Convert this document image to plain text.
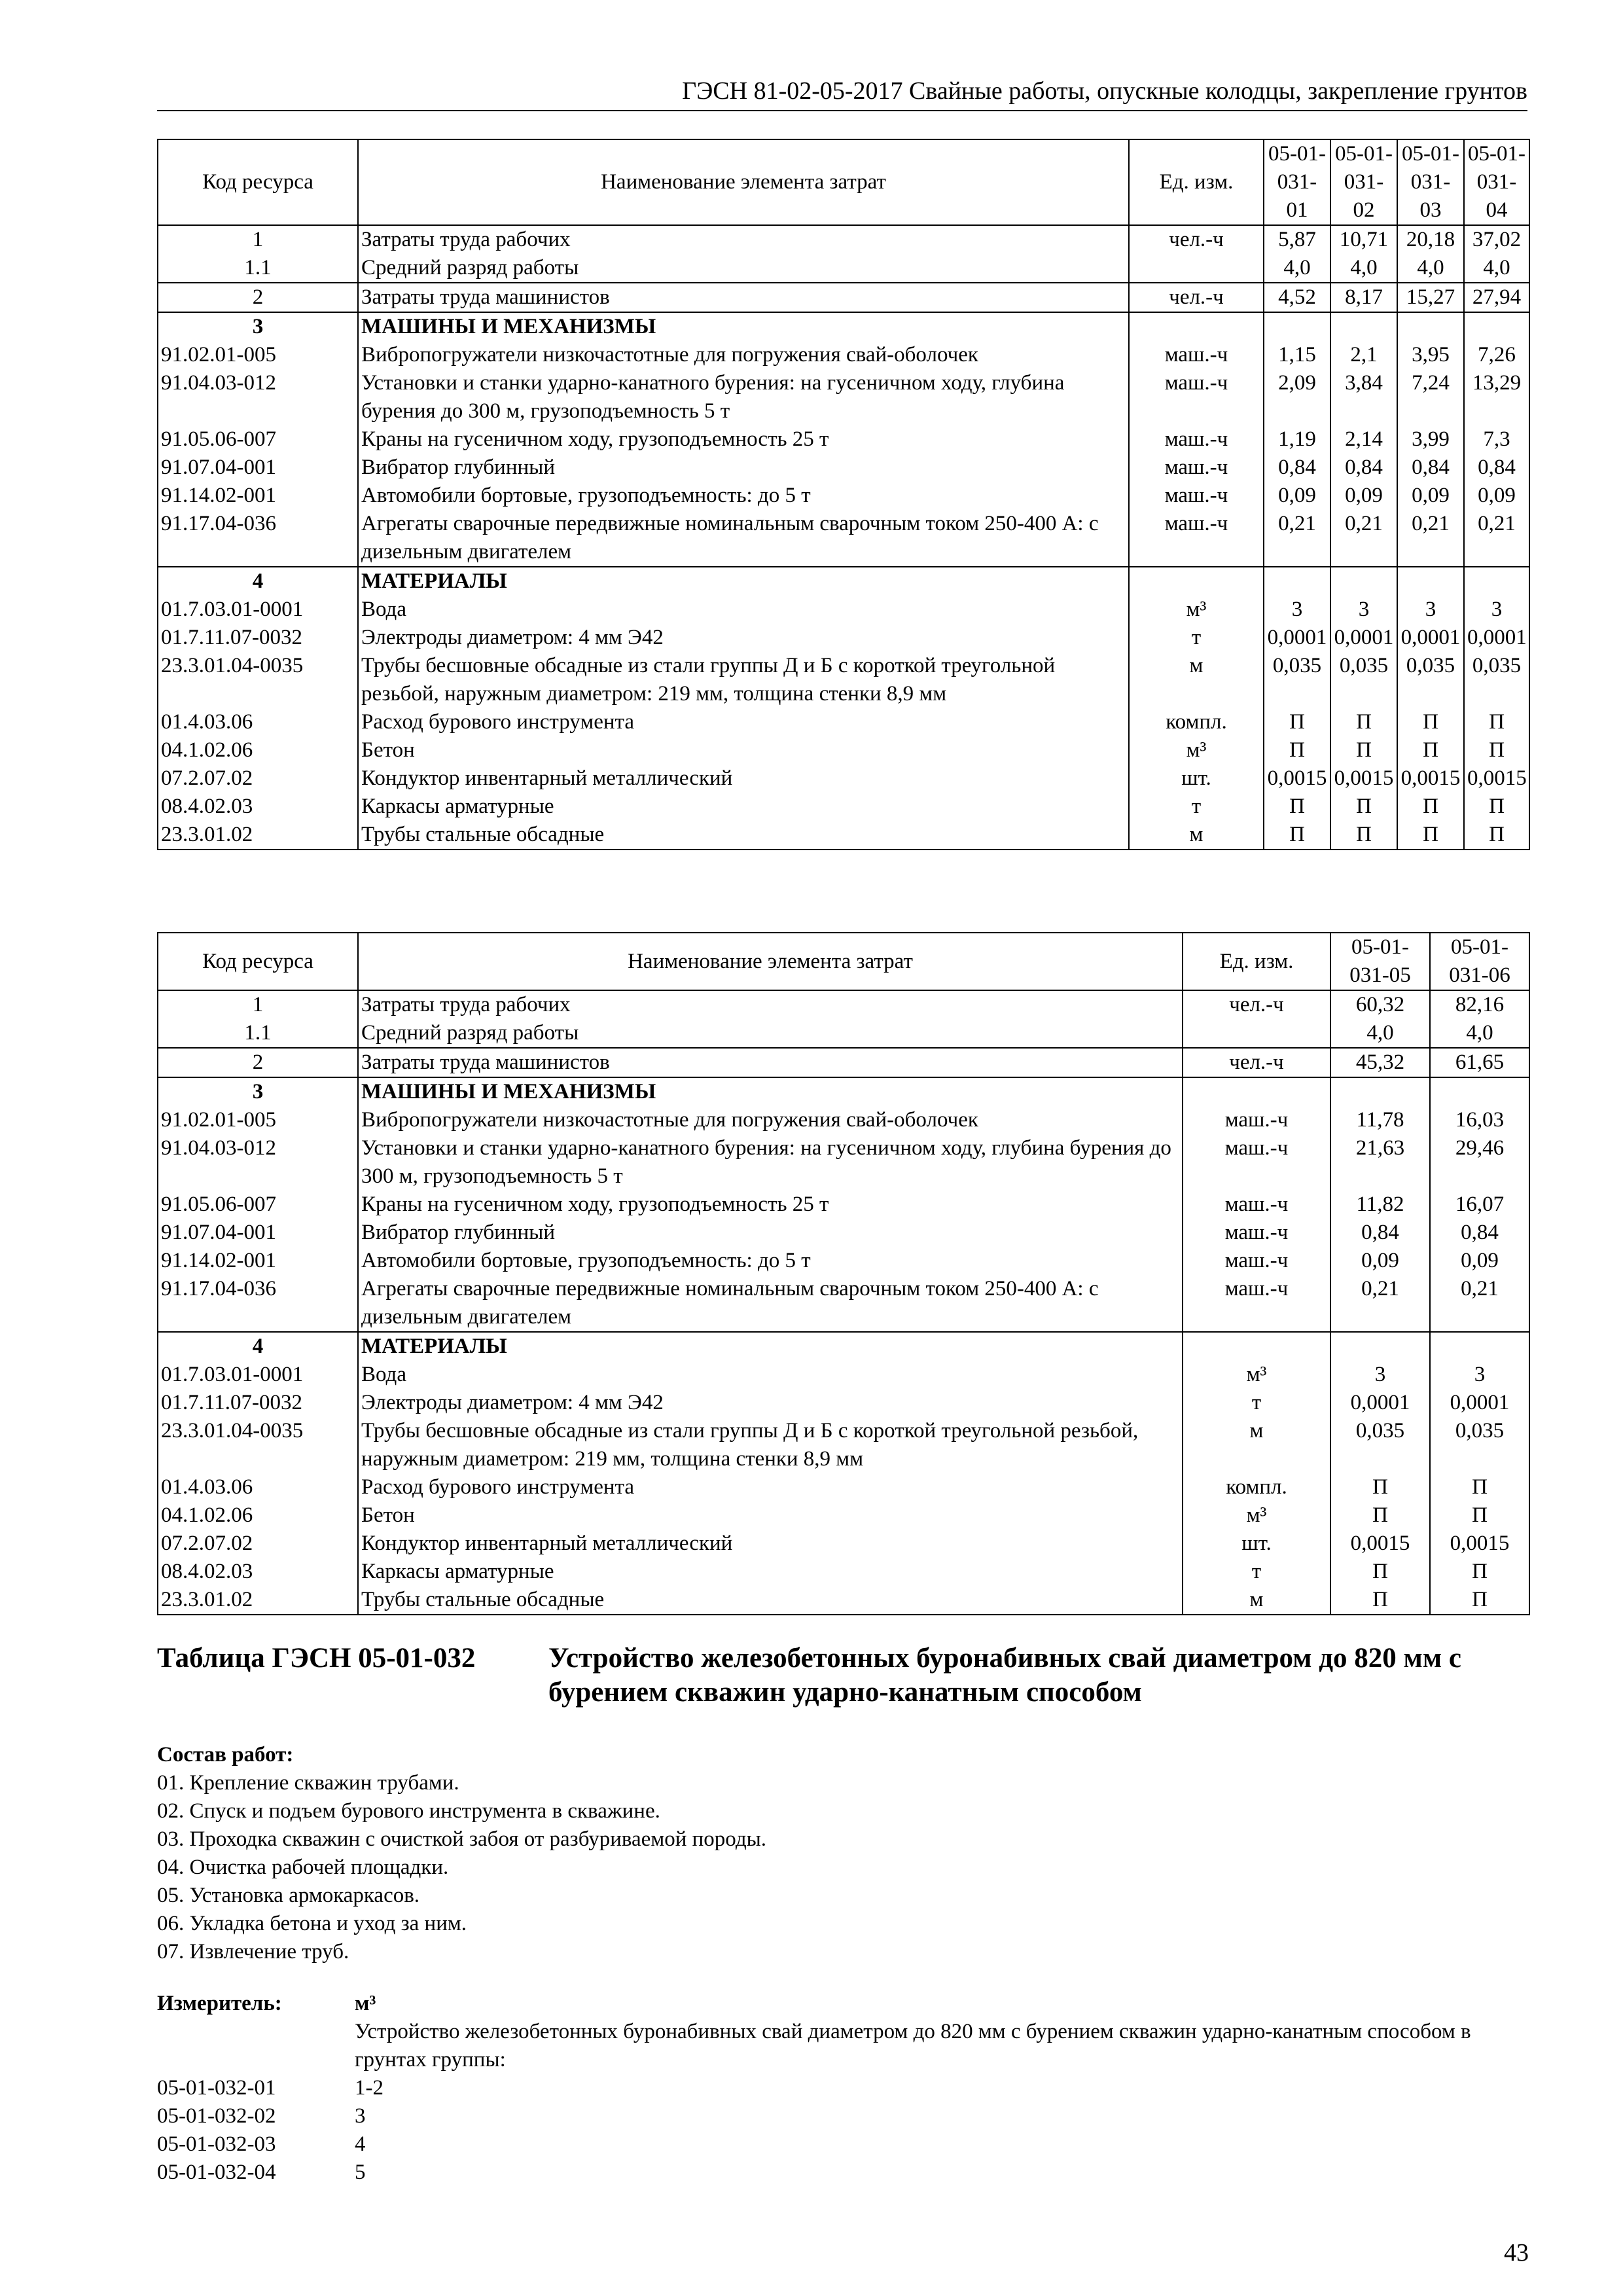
ГЭСН 81-02-05-2017 Свайные работы, опускные колодцы, закрепление грунтов
Код ресурса	Наименование элемента затрат	Ед. изм.	05-01-031-01	05-01-031-02	05-01-031-03	05-01-031-04
1	Затраты труда рабочих	чел.-ч	5,87	10,71	20,18	37,02
1.1	Средний разряд работы		4,0	4,0	4,0	4,0
2	Затраты труда машинистов	чел.-ч	4,52	8,17	15,27	27,94
3	МАШИНЫ И МЕХАНИЗМЫ					
91.02.01-005	Вибропогружатели низкочастотные для погружения свай-оболочек	маш.-ч	1,15	2,1	3,95	7,26
91.04.03-012	Установки и станки ударно-канатного бурения: на гусеничном ходу, глубина бурения до 300 м, грузоподъемность 5 т	маш.-ч	2,09	3,84	7,24	13,29
91.05.06-007	Краны на гусеничном ходу, грузоподъемность 25 т	маш.-ч	1,19	2,14	3,99	7,3
91.07.04-001	Вибратор глубинный	маш.-ч	0,84	0,84	0,84	0,84
91.14.02-001	Автомобили бортовые, грузоподъемность: до 5 т	маш.-ч	0,09	0,09	0,09	0,09
91.17.04-036	Агрегаты сварочные передвижные номинальным сварочным током 250-400 А: с дизельным двигателем	маш.-ч	0,21	0,21	0,21	0,21
4	МАТЕРИАЛЫ					
01.7.03.01-0001	Вода	м³	3	3	3	3
01.7.11.07-0032	Электроды диаметром: 4 мм Э42	т	0,0001	0,0001	0,0001	0,0001
23.3.01.04-0035	Трубы бесшовные обсадные из стали группы Д и Б с короткой треугольной резьбой, наружным диаметром: 219 мм, толщина стенки 8,9 мм	м	0,035	0,035	0,035	0,035
01.4.03.06	Расход бурового инструмента	компл.	П	П	П	П
04.1.02.06	Бетон	м³	П	П	П	П
07.2.07.02	Кондуктор инвентарный металлический	шт.	0,0015	0,0015	0,0015	0,0015
08.4.02.03	Каркасы арматурные	т	П	П	П	П
23.3.01.02	Трубы стальные обсадные	м	П	П	П	П
Код ресурса	Наименование элемента затрат	Ед. изм.	05-01-031-05	05-01-031-06
1	Затраты труда рабочих	чел.-ч	60,32	82,16
1.1	Средний разряд работы		4,0	4,0
2	Затраты труда машинистов	чел.-ч	45,32	61,65
3	МАШИНЫ И МЕХАНИЗМЫ			
91.02.01-005	Вибропогружатели низкочастотные для погружения свай-оболочек	маш.-ч	11,78	16,03
91.04.03-012	Установки и станки ударно-канатного бурения: на гусеничном ходу, глубина бурения до 300 м, грузоподъемность 5 т	маш.-ч	21,63	29,46
91.05.06-007	Краны на гусеничном ходу, грузоподъемность 25 т	маш.-ч	11,82	16,07
91.07.04-001	Вибратор глубинный	маш.-ч	0,84	0,84
91.14.02-001	Автомобили бортовые, грузоподъемность: до 5 т	маш.-ч	0,09	0,09
91.17.04-036	Агрегаты сварочные передвижные номинальным сварочным током 250-400 А: с дизельным двигателем	маш.-ч	0,21	0,21
4	МАТЕРИАЛЫ			
01.7.03.01-0001	Вода	м³	3	3
01.7.11.07-0032	Электроды диаметром: 4 мм Э42	т	0,0001	0,0001
23.3.01.04-0035	Трубы бесшовные обсадные из стали группы Д и Б с короткой треугольной резьбой, наружным диаметром: 219 мм, толщина стенки 8,9 мм	м	0,035	0,035
01.4.03.06	Расход бурового инструмента	компл.	П	П
04.1.02.06	Бетон	м³	П	П
07.2.07.02	Кондуктор инвентарный металлический	шт.	0,0015	0,0015
08.4.02.03	Каркасы арматурные	т	П	П
23.3.01.02	Трубы стальные обсадные	м	П	П
Таблица ГЭСН 05-01-032	Устройство железобетонных буронабивных свай диаметром до 820 мм с бурением скважин ударно-канатным способом
Состав работ:
01. Крепление скважин трубами.
02. Спуск и подъем бурового инструмента в скважине.
03. Проходка скважин с очисткой забоя от разбуриваемой породы.
04. Очистка рабочей площадки.
05. Установка армокаркасов.
06. Укладка бетона и уход за ним.
07. Извлечение труб.
Измеритель:	м³
Устройство железобетонных буронабивных свай диаметром до 820 мм с бурением скважин ударно-канатным способом в грунтах группы:
05-01-032-01	1-2
05-01-032-02	3
05-01-032-03	4
05-01-032-04	5
43
